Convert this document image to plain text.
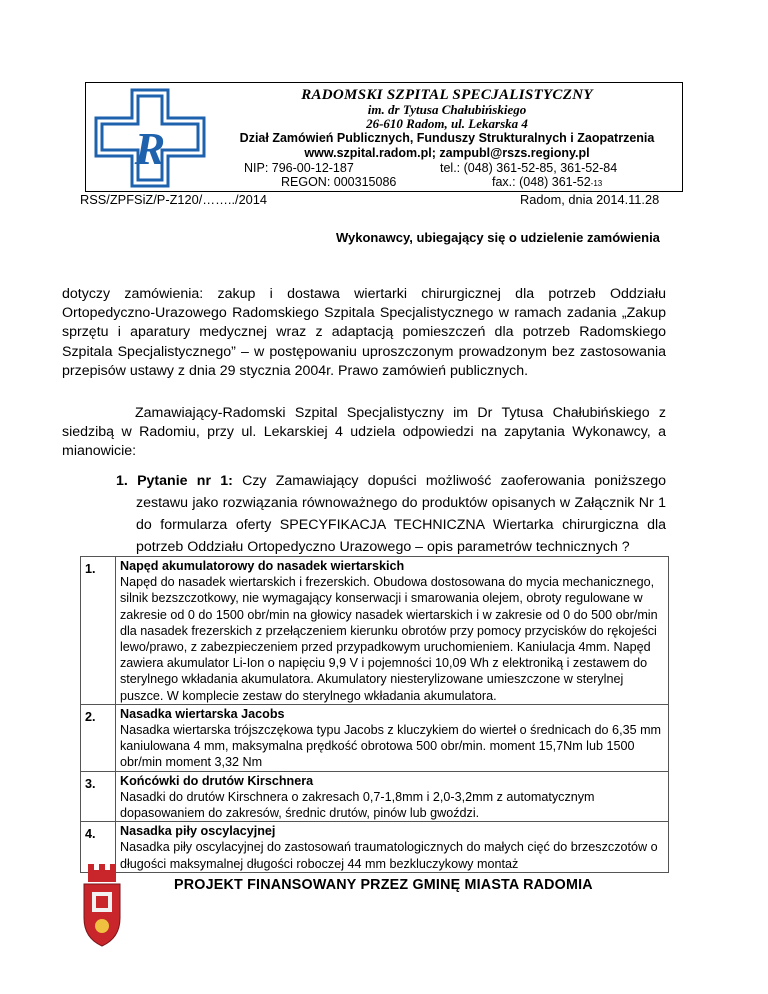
R
RADOMSKI SZPITAL SPECJALISTYCZNY
im. dr Tytusa Chałubińskiego
26-610 Radom, ul. Lekarska 4
Dział Zamówień Publicznych, Funduszy Strukturalnych i Zaopatrzenia
www.szpital.radom.pl; zampubl@rszs.regiony.pl
NIP: 796-00-12-187	tel.: (048) 361-52-85, 361-52-84
REGON: 000315086	fax.: (048) 361-52-13
RSS/ZPFSiZ/P-Z120/……../2014	Radom, dnia 2014.11.28
Wykonawcy, ubiegający się o udzielenie zamówienia
dotyczy zamówienia: zakup i dostawa wiertarki chirurgicznej dla potrzeb Oddziału Ortopedyczno-Urazowego Radomskiego Szpitala Specjalistycznego w ramach zadania „Zakup sprzętu i aparatury medycznej wraz z adaptacją pomieszczeń dla potrzeb Radomskiego Szpitala Specjalistycznego” – w postępowaniu uproszczonym prowadzonym bez zastosowania przepisów ustawy z dnia 29 stycznia 2004r. Prawo zamówień publicznych.
Zamawiający-Radomski Szpital Specjalistyczny im Dr Tytusa Chałubińskiego z siedzibą w Radomiu, przy ul. Lekarskiej 4 udziela odpowiedzi na zapytania Wykonawcy, a mianowicie:
1. Pytanie nr 1: Czy Zamawiający dopuści możliwość zaoferowania poniższego zestawu jako rozwiązania równoważnego do produktów opisanych w Załącznik Nr 1 do formularza oferty SPECYFIKACJA TECHNICZNA Wiertarka chirurgiczna dla potrzeb Oddziału Ortopedyczno Urazowego – opis parametrów technicznych ?
1.	Napęd akumulatorowy do nasadek wiertarskich
Napęd do nasadek wiertarskich i frezerskich. Obudowa dostosowana do mycia mechanicznego, silnik bezszczotkowy, nie wymagający konserwacji i smarowania olejem, obroty regulowane w zakresie od 0 do 1500 obr/min na głowicy nasadek wiertarskich i w zakresie od 0 do 500 obr/min dla nasadek frezerskich z przełączeniem kierunku obrotów przy pomocy przycisków do rękojeści lewo/prawo, z zabezpieczeniem przed przypadkowym uruchomieniem. Kaniulacja 4mm. Napęd zawiera akumulator Li-Ion o napięciu 9,9 V i pojemności 10,09 Wh z elektroniką i zestawem do sterylnego wkładania akumulatora. Akumulatory niesterylizowane umieszczone w sterylnej puszce. W komplecie zestaw do sterylnego wkładania akumulatora.

2.	Nasadka wiertarska Jacobs
Nasadka wiertarska trójszczękowa typu Jacobs z kluczykiem do wierteł o średnicach do 6,35 mm kaniulowana 4 mm, maksymalna prędkość obrotowa 500 obr/min. moment 15,7Nm lub 1500 obr/min moment 3,32 Nm

3.	Końcówki do drutów Kirschnera
Nasadki do drutów Kirschnera o zakresach 0,7-1,8mm i 2,0-3,2mm z automatycznym dopasowaniem do zakresów, średnic drutów, pinów lub gwoździ.

4.	Nasadka piły oscylacyjnej
Nasadka piły oscylacyjnej do zastosowań traumatologicznych do małych cięć do brzeszczotów o długości maksymalnej długości roboczej 44 mm bezkluczykowy montaż
PROJEKT FINANSOWANY PRZEZ GMINĘ MIASTA RADOMIA
